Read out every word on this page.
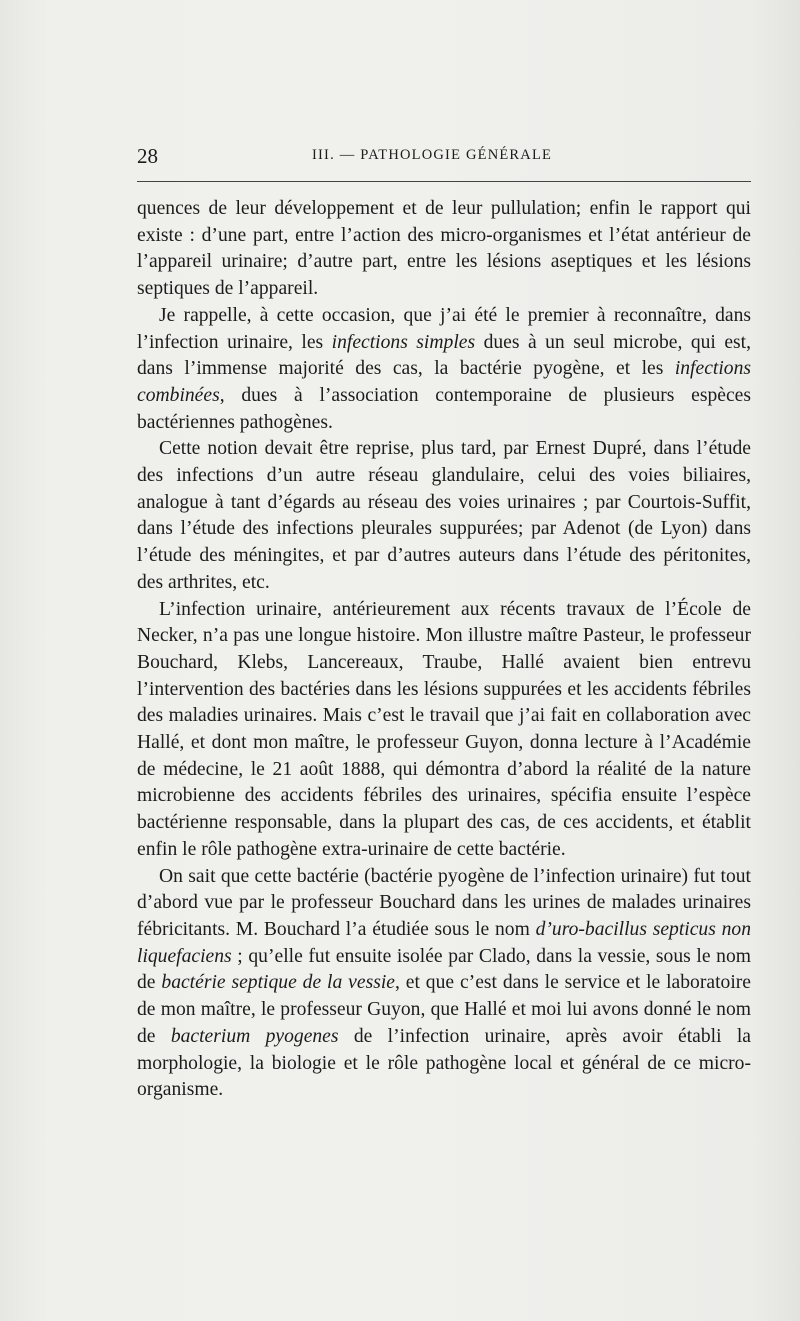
28	III. — PATHOLOGIE GÉNÉRALE

quences de leur développement et de leur pullulation; enfin le rapport qui existe : d’une part, entre l’action des micro-organismes et l’état antérieur de l’appareil urinaire; d’autre part, entre les lésions aseptiques et les lésions septiques de l’appareil.

Je rappelle, à cette occasion, que j’ai été le premier à reconnaître, dans l’infection urinaire, les infections simples dues à un seul microbe, qui est, dans l’immense majorité des cas, la bactérie pyogène, et les infections combinées, dues à l’association contemporaine de plusieurs espèces bactériennes pathogènes.

Cette notion devait être reprise, plus tard, par Ernest Dupré, dans l’étude des infections d’un autre réseau glandulaire, celui des voies biliaires, analogue à tant d’égards au réseau des voies urinaires ; par Courtois-Suffit, dans l’étude des infections pleurales suppurées; par Adenot (de Lyon) dans l’étude des méningites, et par d’autres auteurs dans l’étude des péritonites, des arthrites, etc.

L’infection urinaire, antérieurement aux récents travaux de l’École de Necker, n’a pas une longue histoire. Mon illustre maître Pasteur, le professeur Bouchard, Klebs, Lancereaux, Traube, Hallé avaient bien entrevu l’intervention des bactéries dans les lésions suppurées et les accidents fébriles des maladies urinaires. Mais c’est le travail que j’ai fait en collaboration avec Hallé, et dont mon maître, le professeur Guyon, donna lecture à l’Académie de médecine, le 21 août 1888, qui démontra d’abord la réalité de la nature microbienne des accidents fébriles des urinaires, spécifia ensuite l’espèce bactérienne responsable, dans la plupart des cas, de ces accidents, et établit enfin le rôle pathogène extra-urinaire de cette bactérie.

On sait que cette bactérie (bactérie pyogène de l’infection urinaire) fut tout d’abord vue par le professeur Bouchard dans les urines de malades urinaires fébricitants. M. Bouchard l’a étudiée sous le nom d’uro-bacillus septicus non liquefaciens ; qu’elle fut ensuite isolée par Clado, dans la vessie, sous le nom de bactérie septique de la vessie, et que c’est dans le service et le laboratoire de mon maître, le professeur Guyon, que Hallé et moi lui avons donné le nom de bacterium pyogenes de l’infection urinaire, après avoir établi la morphologie, la biologie et le rôle pathogène local et général de ce micro-organisme.
